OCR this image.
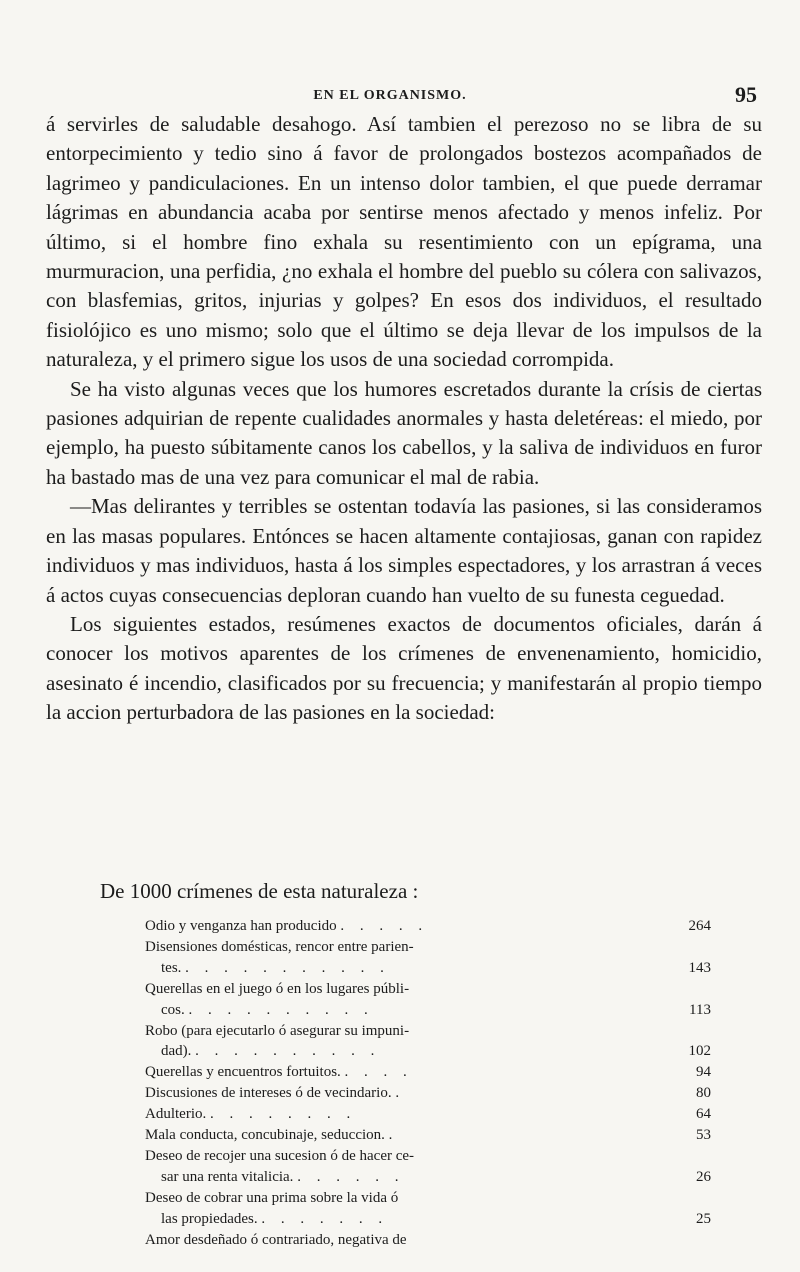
EN EL ORGANISMO.	95

á servirles de saludable desahogo. Así tambien el perezoso no se libra de su entorpecimiento y tedio sino á favor de prolongados bostezos acompañados de lagrimeo y pandiculaciones. En un intenso dolor tambien, el que puede derramar lágrimas en abundancia acaba por sentirse menos afectado y menos infeliz. Por último, si el hombre fino exhala su resentimiento con un epígrama, una murmuracion, una perfidia, ¿no exhala el hombre del pueblo su cólera con salivazos, con blasfemias, gritos, injurias y golpes? En esos dos individuos, el resultado fisiolójico es uno mismo; solo que el último se deja llevar de los impulsos de la naturaleza, y el primero sigue los usos de una sociedad corrompida.

Se ha visto algunas veces que los humores escretados durante la crísis de ciertas pasiones adquirian de repente cualidades anormales y hasta deletéreas: el miedo, por ejemplo, ha puesto súbitamente canos los cabellos, y la saliva de individuos en furor ha bastado mas de una vez para comunicar el mal de rabia.

—Mas delirantes y terribles se ostentan todavía las pasiones, si las consideramos en las masas populares. Entónces se hacen altamente contajiosas, ganan con rapidez individuos y mas individuos, hasta á los simples espectadores, y los arrastran á veces á actos cuyas consecuencias deploran cuando han vuelto de su funesta ceguedad.

Los siguientes estados, resúmenes exactos de documentos oficiales, darán á conocer los motivos aparentes de los crímenes de envenenamiento, homicidio, asesinato é incendio, clasificados por su frecuencia; y manifestarán al propio tiempo la accion perturbadora de las pasiones en la sociedad:

De 1000 crímenes de esta naturaleza :
Odio y venganza han producido . . . . .	264
Disensiones domésticas, rencor entre parien-
tes. . . . . . . . . . . .	143
Querellas en el juego ó en los lugares públi-
cos. . . . . . . . . . .	113
Robo (para ejecutarlo ó asegurar su impuni-
dad). . . . . . . . . . .	102
Querellas y encuentros fortuitos. . . . .	94
Discusiones de intereses ó de vecindario. .	80
Adulterio. . . . . . . . .	64
Mala conducta, concubinaje, seduccion. .	53
Deseo de recojer una sucesion ó de hacer ce-
sar una renta vitalicia. . . . . . .	26
Deseo de cobrar una prima sobre la vida ó
las propiedades. . . . . . . .	25
Amor desdeñado ó contrariado, negativa de
